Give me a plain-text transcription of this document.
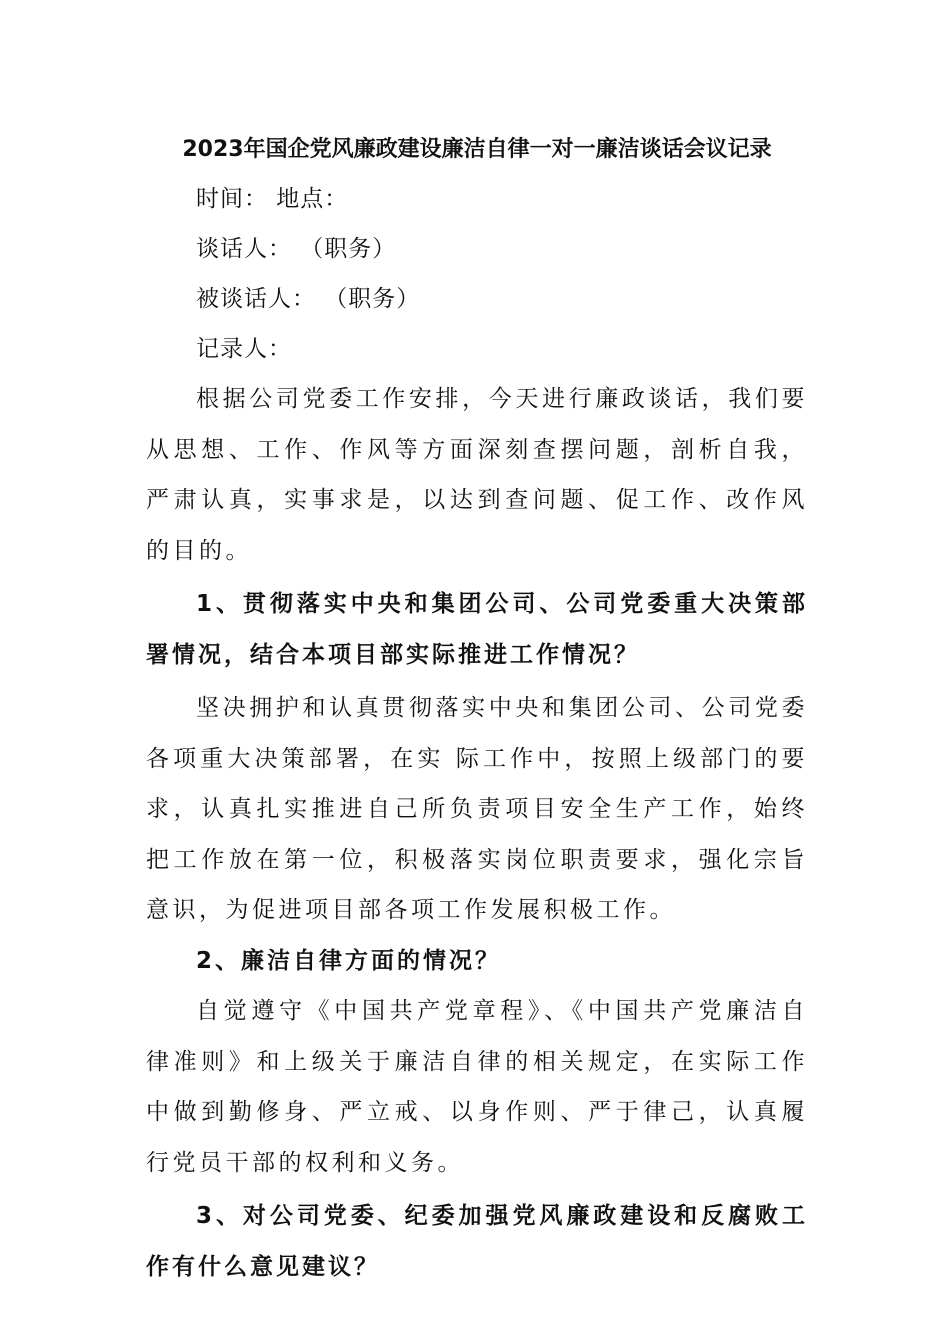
2023年国企党风廉政建设廉洁自律一对一廉洁谈话会议记录

时间： 地点：

谈话人： （职务）

被谈话人： （职务）

记录人：

根据公司党委工作安排，今天进行廉政谈话，我们要从思想、工作、作风等方面深刻查摆问题，剖析自我，严肃认真，实事求是，以达到查问题、促工作、改作风的目的。

1、贯彻落实中央和集团公司、公司党委重大决策部署情况，结合本项目部实际推进工作情况？

坚决拥护和认真贯彻落实中央和集团公司、公司党委各项重大决策部署，在实 际工作中，按照上级部门的要求，认真扎实推进自己所负责项目安全生产工作，始终把工作放在第一位，积极落实岗位职责要求，强化宗旨意识，为促进项目部各项工作发展积极工作。

2、廉洁自律方面的情况？

自觉遵守《中国共产党章程》、《中国共产党廉洁自律准则》和上级关于廉洁自律的相关规定，在实际工作中做到勤修身、严立戒、以身作则、严于律己，认真履行党员干部的权利和义务。

3、对公司党委、纪委加强党风廉政建设和反腐败工作有什么意见建议？
